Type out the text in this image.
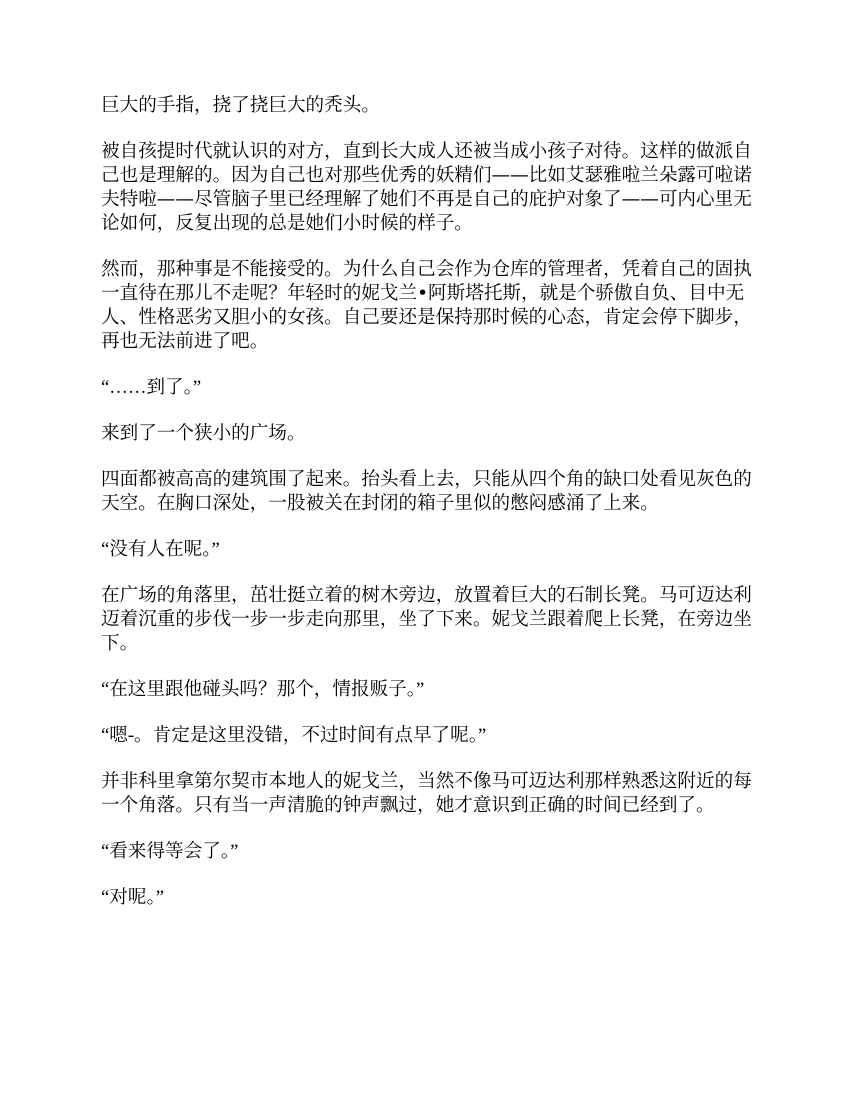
巨大的手指，挠了挠巨大的秃头。

被自孩提时代就认识的对方，直到长大成人还被当成小孩子对待。这样的做派自己也是理解的。因为自己也对那些优秀的妖精们——比如艾瑟雅啦兰朵露可啦诺夫特啦——尽管脑子里已经理解了她们不再是自己的庇护对象了——可内心里无论如何，反复出现的总是她们小时候的样子。

然而，那种事是不能接受的。为什么自己会作为仓库的管理者，凭着自己的固执一直待在那儿不走呢？年轻时的妮戈兰•阿斯塔托斯，就是个骄傲自负、目中无人、性格恶劣又胆小的女孩。自己要还是保持那时候的心态，肯定会停下脚步，再也无法前进了吧。

“……到了。”

来到了一个狭小的广场。

四面都被高高的建筑围了起来。抬头看上去，只能从四个角的缺口处看见灰色的天空。在胸口深处，一股被关在封闭的箱子里似的憋闷感涌了上来。

“没有人在呢。”

在广场的角落里，茁壮挺立着的树木旁边，放置着巨大的石制长凳。马可迈达利迈着沉重的步伐一步一步走向那里，坐了下来。妮戈兰跟着爬上长凳，在旁边坐下。

“在这里跟他碰头吗？那个，情报贩子。”

“嗯-。肯定是这里没错，不过时间有点早了呢。”

并非科里拿第尔契市本地人的妮戈兰，当然不像马可迈达利那样熟悉这附近的每一个角落。只有当一声清脆的钟声飘过，她才意识到正确的时间已经到了。

“看来得等会了。”

“对呢。”
